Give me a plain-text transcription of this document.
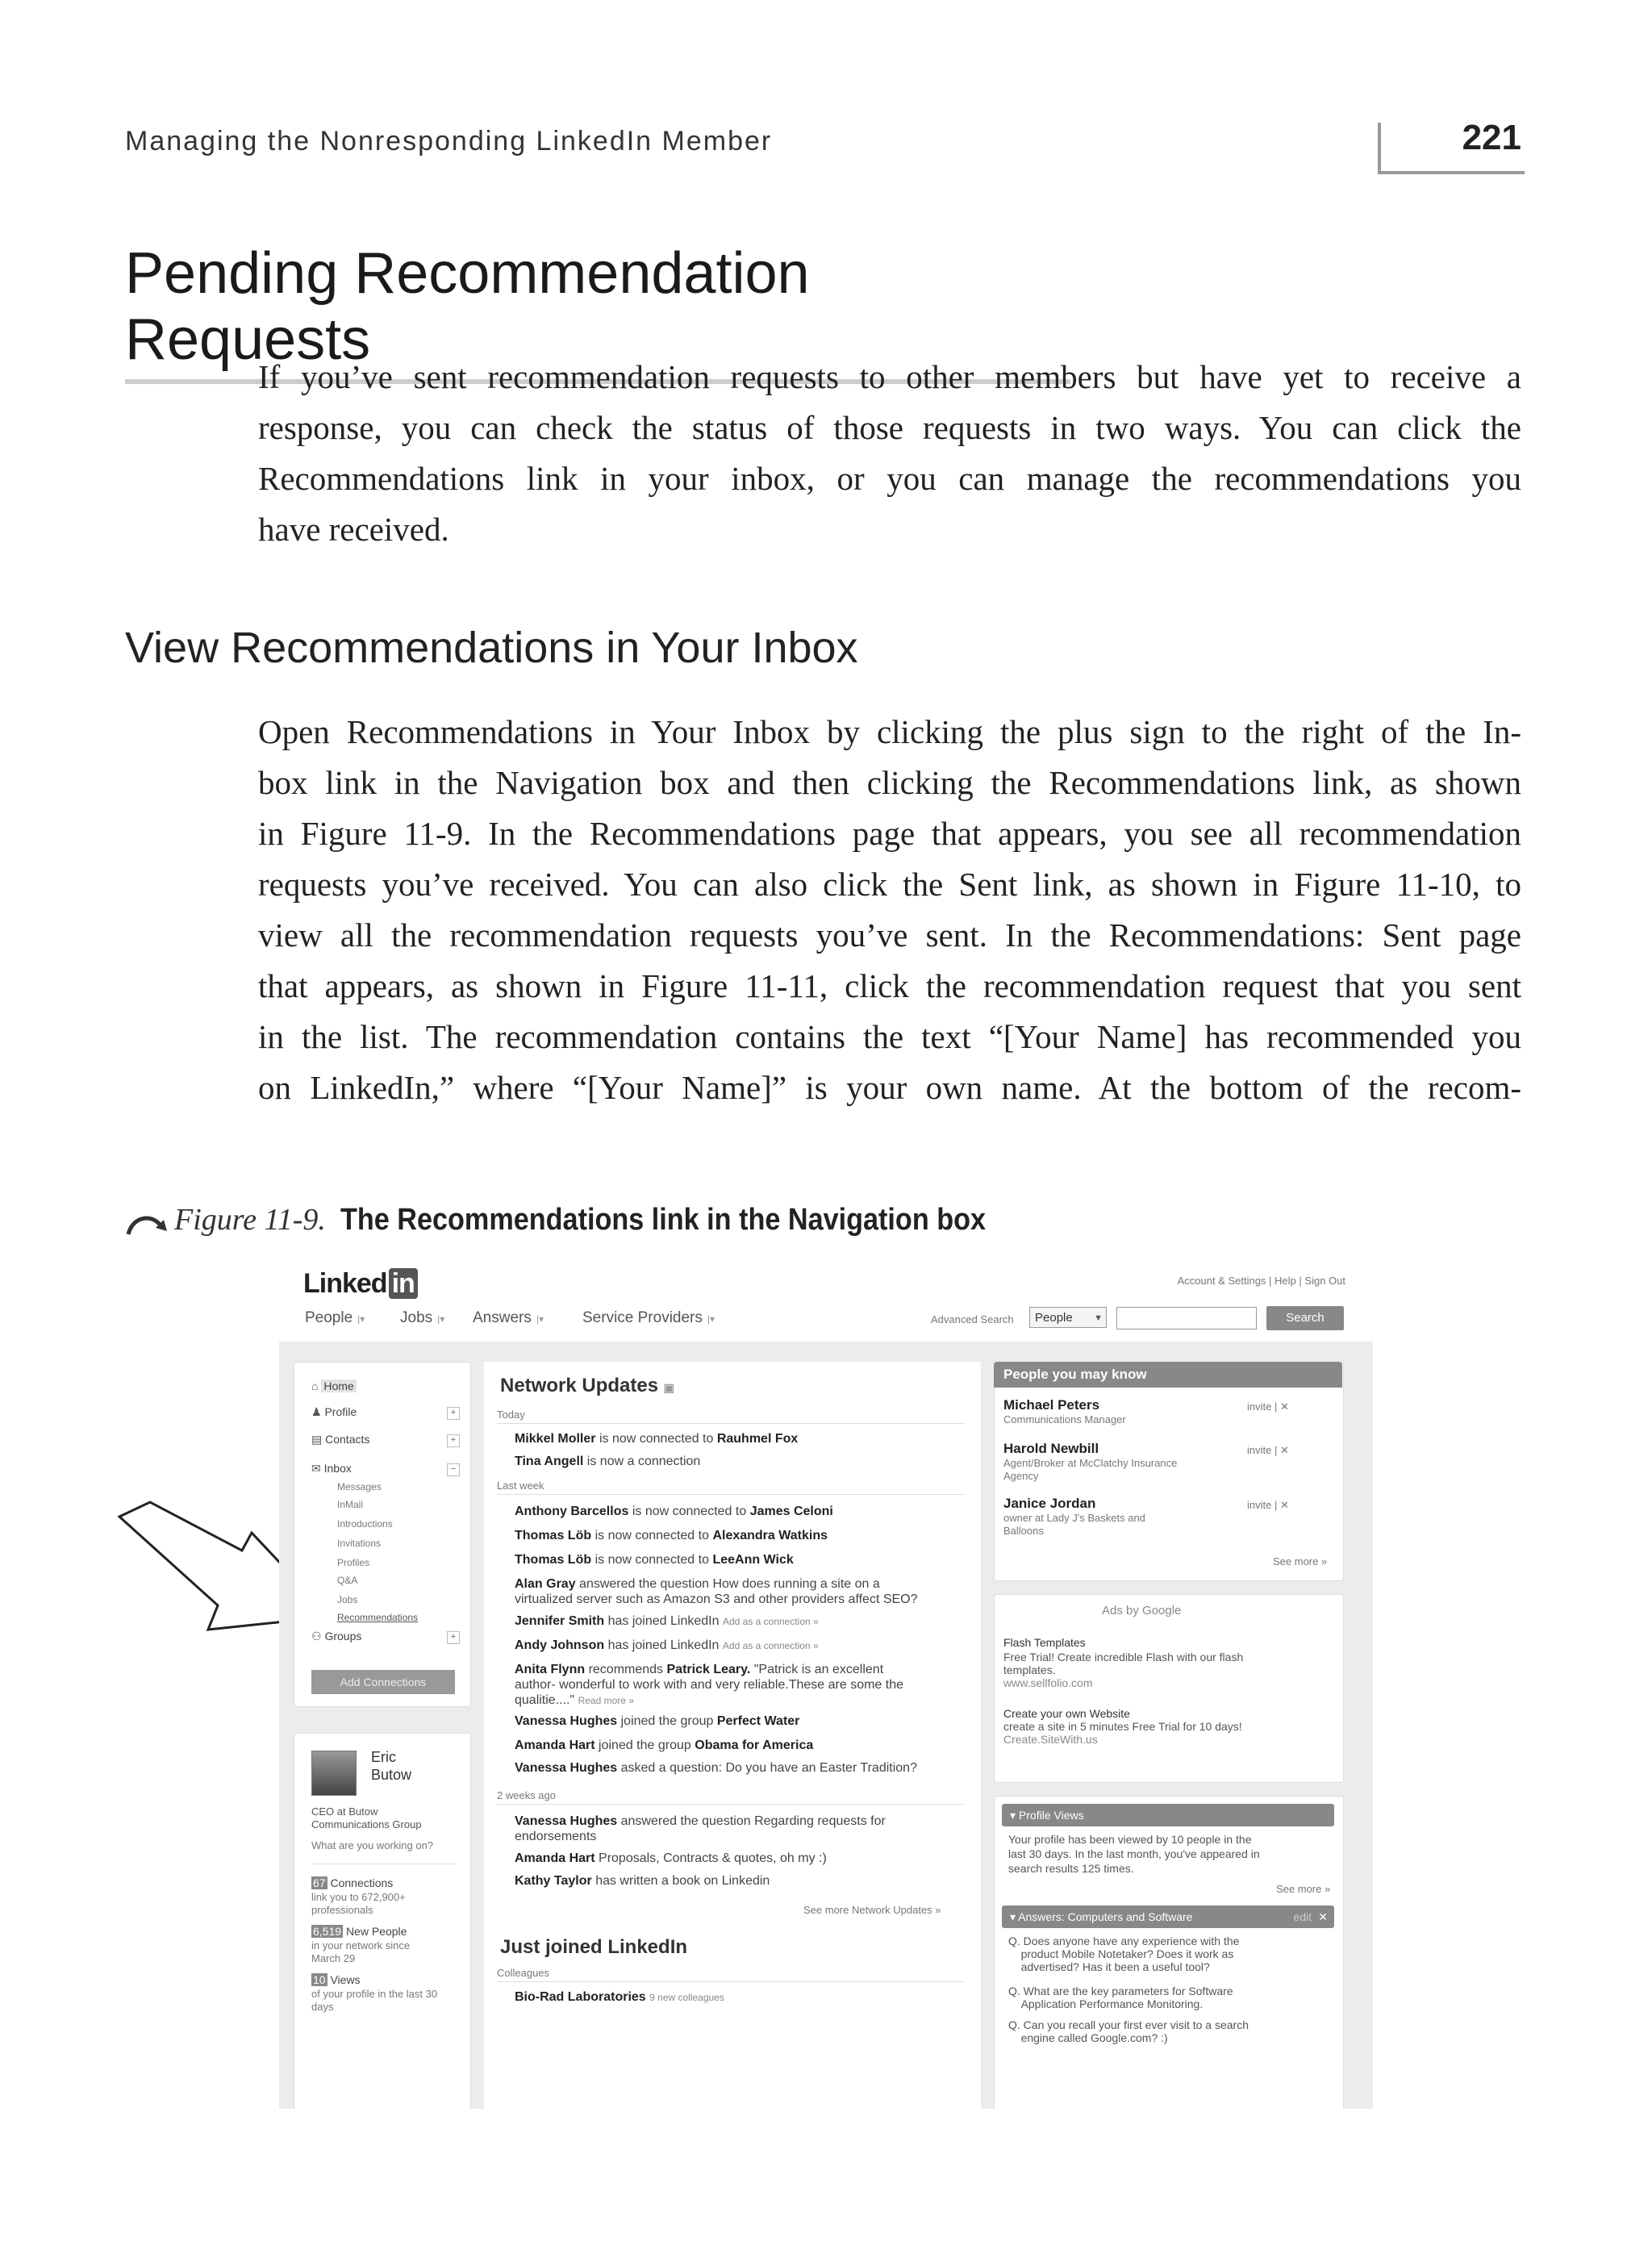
Managing the Nonresponding LinkedIn Member	221
Pending Recommendation Requests
If you’ve sent recommendation requests to other members but have yet to receive a
response, you can check the status of those requests in two ways. You can click the
Recommendations link in your inbox, or you can manage the recommendations you
have received.
View Recommendations in Your Inbox
Open Recommendations in Your Inbox by clicking the plus sign to the right of the In-
box link in the Navigation box and then clicking the Recommendations link, as shown
in Figure 11-9. In the Recommendations page that appears, you see all recommendation
requests you’ve received. You can also click the Sent link, as shown in Figure 11-10, to
view all the recommendation requests you’ve sent. In the Recommendations: Sent page
that appears, as shown in Figure 11-11, click the recommendation request that you sent
in the list. The recommendation contains the text “[Your Name] has recommended you
on LinkedIn,” where “[Your Name]” is your own name. At the bottom of the recom-
Figure 11-9. The Recommendations link in the Navigation box
Linked in	Account & Settings | Help | Sign Out
People |▾ Jobs |▾ Answers |▾	Service Providers |▾	Advanced Search	People ▼	Search
⌂ Home
♟ Profile	+
▤ Contacts	+
✉ Inbox	−
Messages
InMail
Introductions
Invitations
Profiles
Q&A
Jobs
Recommendations
⚇ Groups	+
Add Connections
Eric
Butow
CEO at Butow
Communications Group
What are you working on?
67 Connections
link you to 672,900+
professionals
6,519 New People
in your network since
March 29
10 Views
of your profile in the last 30
days
Network Updates ▣
Today
Mikkel Moller is now connected to Rauhmel Fox
Tina Angell is now a connection
Last week
Anthony Barcellos is now connected to James Celoni
Thomas Löb is now connected to Alexandra Watkins
Thomas Löb is now connected to LeeAnn Wick
Alan Gray answered the question How does running a site on a
virtualized server such as Amazon S3 and other providers affect SEO?
Jennifer Smith has joined LinkedIn Add as a connection »
Andy Johnson has joined LinkedIn Add as a connection »
Anita Flynn recommends Patrick Leary. "Patrick is an excellent
author- wonderful to work with and very reliable.These are some the
qualitie...." Read more »
Vanessa Hughes joined the group Perfect Water
Amanda Hart joined the group Obama for America
Vanessa Hughes asked a question: Do you have an Easter Tradition?
2 weeks ago
Vanessa Hughes answered the question Regarding requests for
endorsements
Amanda Hart Proposals, Contracts & quotes, oh my :)
Kathy Taylor has written a book on Linkedin
See more Network Updates »
Just joined LinkedIn
Colleagues
Bio-Rad Laboratories 9 new colleagues
People you may know
Michael Peters
Communications Manager
invite | ✕
Harold Newbill
Agent/Broker at McClatchy Insurance
Agency
invite | ✕
Janice Jordan
owner at Lady J's Baskets and
Balloons
invite | ✕
See more »
Ads by Google
Flash Templates
Free Trial! Create incredible Flash with our flash
templates.
www.sellfolio.com
Create your own Website
create a site in 5 minutes Free Trial for 10 days!
Create.SiteWith.us
▾ Profile Views
Your profile has been viewed by 10 people in the
last 30 days. In the last month, you've appeared in
search results 125 times.
See more »
▾ Answers: Computers and Software	edit ✕
Q. Does anyone have any experience with the
product Mobile Notetaker? Does it work as
advertised? Has it been a useful tool?
Q. What are the key parameters for Software
Application Performance Monitoring.
Q. Can you recall your first ever visit to a search
engine called Google.com? :)
